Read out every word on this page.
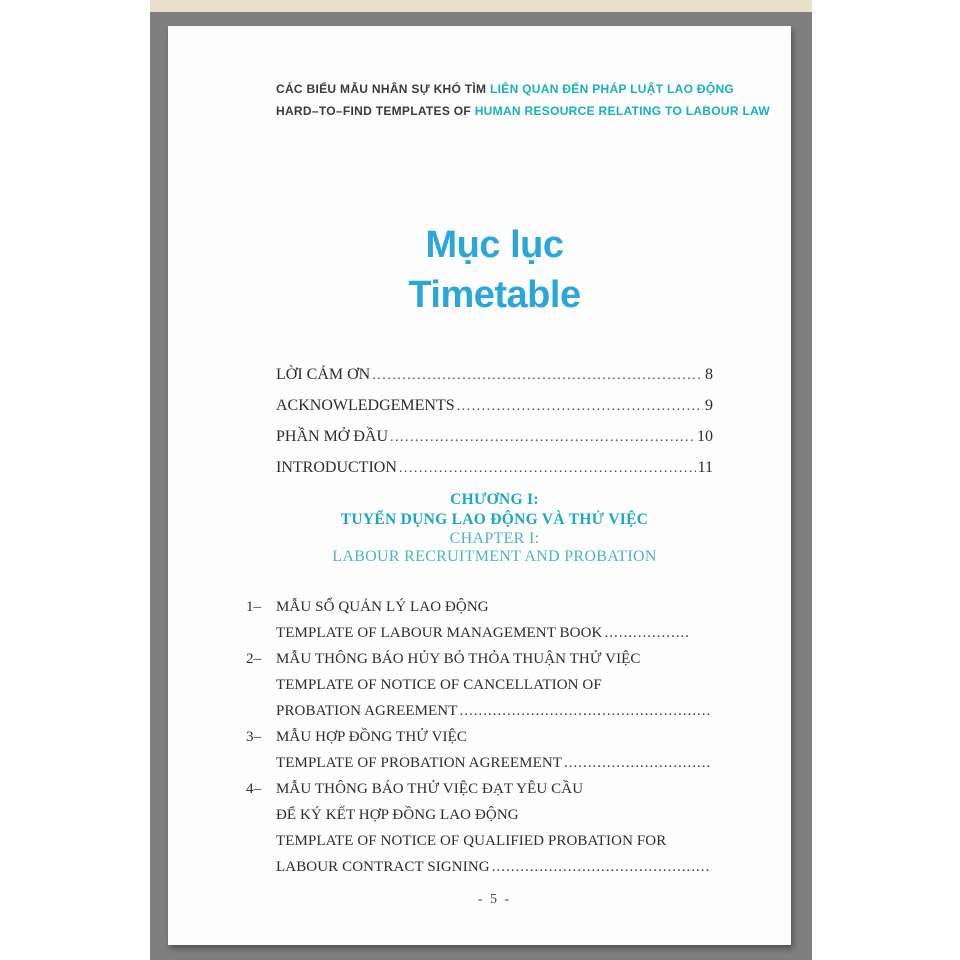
CÁC BIỂU MẪU NHÂN SỰ KHÓ TÌM LIÊN QUAN ĐẾN PHÁP LUẬT LAO ĐỘNG
HARD–TO–FIND TEMPLATES OF HUMAN RESOURCE RELATING TO LABOUR LAW
Mục lục
Timetable
LỜI CẢM ƠN .....	8
ACKNOWLEDGEMENTS .....	9
PHẦN MỞ ĐẦU .....	10
INTRODUCTION .....	11
CHƯƠNG I:
TUYỂN DỤNG LAO ĐỘNG VÀ THỬ VIỆC
CHAPTER I:
LABOUR RECRUITMENT AND PROBATION
1– MẪU SỔ QUẢN LÝ LAO ĐỘNG
TEMPLATE OF LABOUR MANAGEMENT BOOK
.....
2– MẪU THÔNG BÁO HỦY BỎ THỎA THUẬN THỬ VIỆC
TEMPLATE OF NOTICE OF CANCELLATION OF
PROBATION AGREEMENT
.....
3– MẪU HỢP ĐỒNG THỬ VIỆC
TEMPLATE OF PROBATION AGREEMENT
.....
4– MẪU THÔNG BÁO THỬ VIỆC ĐẠT YÊU CẦU
ĐỂ KÝ KẾT HỢP ĐỒNG LAO ĐỘNG
TEMPLATE OF NOTICE OF QUALIFIED PROBATION FOR
LABOUR CONTRACT SIGNING
.....
- 5 -
